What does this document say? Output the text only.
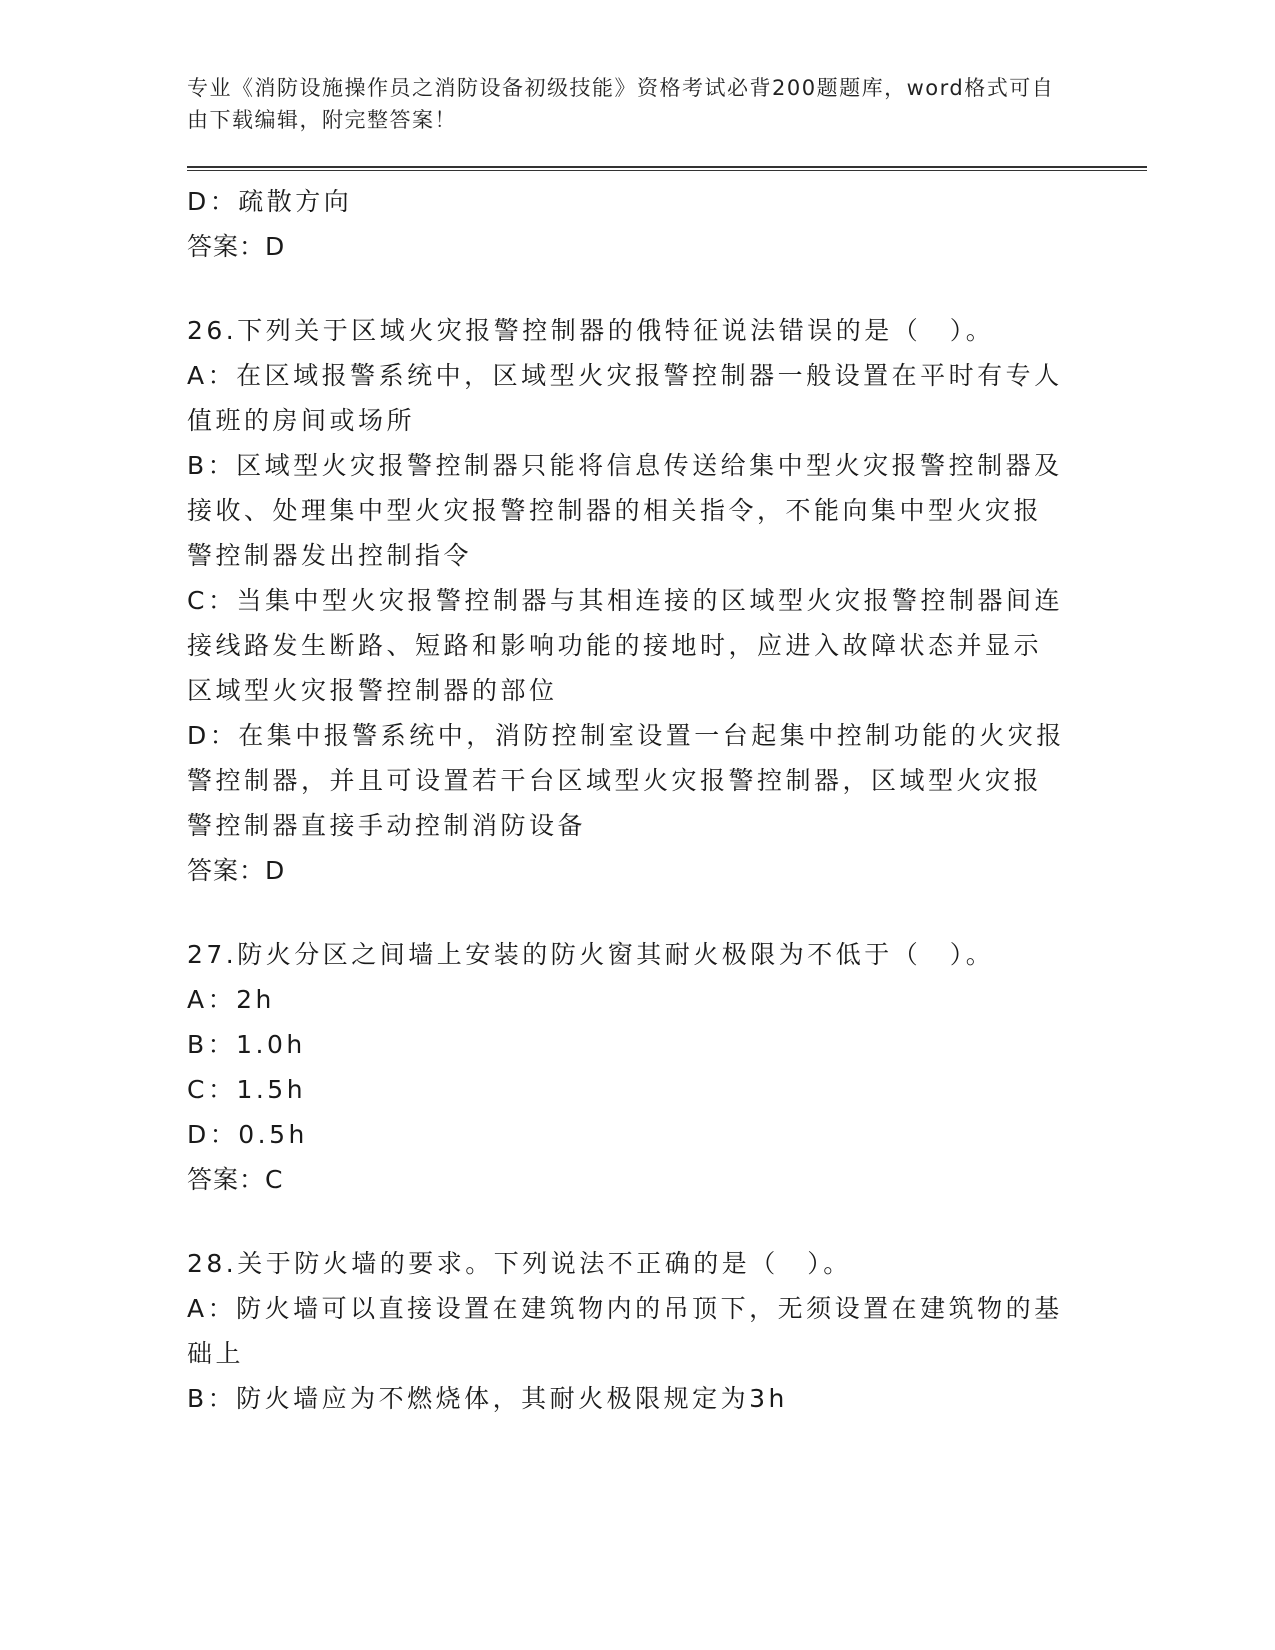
专业《消防设施操作员之消防设备初级技能》资格考试必背200题题库，word格式可自由下载编辑，附完整答案！
D：疏散方向
答案：D
26.下列关于区域火灾报警控制器的俄特征说法错误的是（　）。
A：在区域报警系统中，区域型火灾报警控制器一般设置在平时有专人值班的房间或场所
B：区域型火灾报警控制器只能将信息传送给集中型火灾报警控制器及接收、处理集中型火灾报警控制器的相关指令，不能向集中型火灾报警控制器发出控制指令
C：当集中型火灾报警控制器与其相连接的区域型火灾报警控制器间连接线路发生断路、短路和影响功能的接地时，应进入故障状态并显示区域型火灾报警控制器的部位
D：在集中报警系统中，消防控制室设置一台起集中控制功能的火灾报警控制器，并且可设置若干台区域型火灾报警控制器，区域型火灾报警控制器直接手动控制消防设备
答案：D
27.防火分区之间墙上安装的防火窗其耐火极限为不低于（　）。
A：2h
B：1.0h
C：1.5h
D：0.5h
答案：C
28.关于防火墙的要求。下列说法不正确的是（　）。
A：防火墙可以直接设置在建筑物内的吊顶下，无须设置在建筑物的基础上
B：防火墙应为不燃烧体，其耐火极限规定为3h
